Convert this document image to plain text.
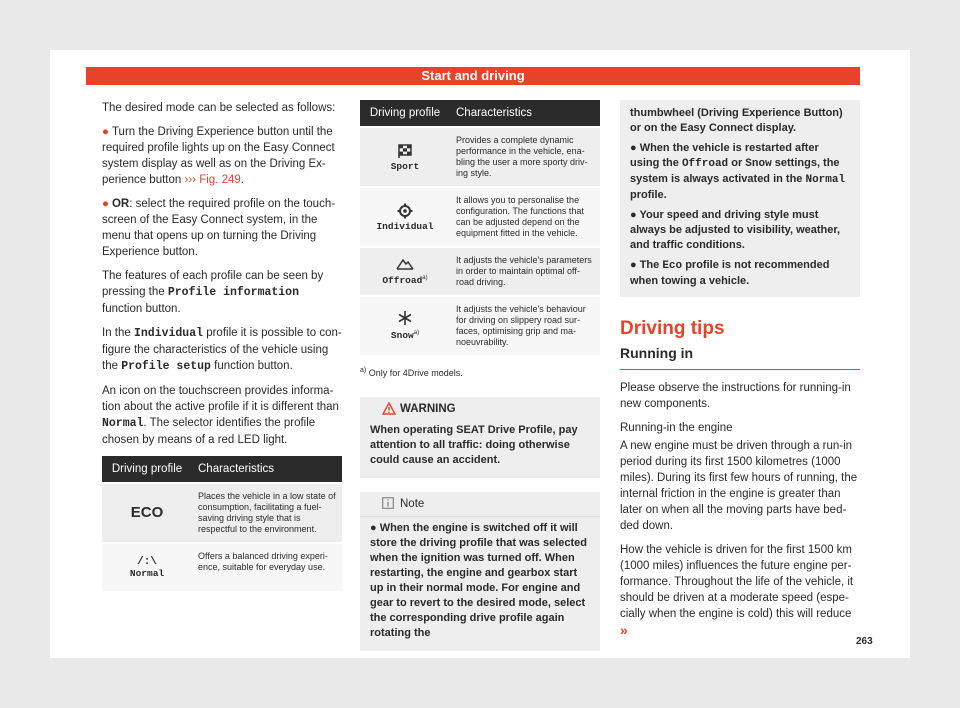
Start and driving

The desired mode can be selected as follows:

● Turn the Driving Experience button until the required profile lights up on the Easy Connect system display as well as on the Driving Experience button ››› Fig. 249.

● OR: select the required profile on the touchscreen of the Easy Connect system, in the menu that opens up on turning the Driving Experience button.

The features of each profile can be seen by pressing the Profile information function button.

In the Individual profile it is possible to configure the characteristics of the vehicle using the Profile setup function button.

An icon on the touchscreen provides information about the active profile if it is different than Normal. The selector identifies the profile chosen by means of a red LED light.

Driving profile	Characteristics
ECO	Places the vehicle in a low state of consumption, facilitating a fuel-saving driving style that is respectful to the environment.

/:\
Normal	Offers a balanced driving experience, suitable for everyday use.
Driving profile	Characteristics

Sport	Provides a complete dynamic performance in the vehicle, enabling the user a more sporty driving style.

Individual	It allows you to personalise the configuration. The functions that can be adjusted depend on the equipment fitted in the vehicle.

Offroad$^{a)}$	It adjusts the vehicle's parameters in order to maintain optimal off-road driving.

Snow$^{a)}$	It adjusts the vehicle's behaviour for driving on slippery road surfaces, optimising grip and manoeuvrability.
$^{a)}$ Only for 4Drive models.
WARNING
When operating SEAT Drive Profile, pay attention to all traffic: doing otherwise could cause an accident.
Note
● When the engine is switched off it will store the driving profile that was selected when the ignition was turned off. When restarting, the engine and gearbox start up in their normal mode. For engine and gear to revert to the desired mode, select the corresponding drive profile again rotating the

thumbwheel (Driving Experience Button) or on the Easy Connect display.

● When the vehicle is restarted after using the Offroad or Snow settings, the system is always activated in the Normal profile.

● Your speed and driving style must always be adjusted to visibility, weather, and traffic conditions.

● The Eco profile is not recommended when towing a vehicle.

Driving tips
Running in

Please observe the instructions for running-in new components.

Running-in the engine

A new engine must be driven through a run-in period during its first 1500 kilometres (1000 miles). During its first few hours of running, the internal friction in the engine is greater than later on when all the moving parts have bedded down.

How the vehicle is driven for the first 1500 km (1000 miles) influences the future engine performance. Throughout the life of the vehicle, it should be driven at a moderate speed (especially when the engine is cold) this will reduce »

263
